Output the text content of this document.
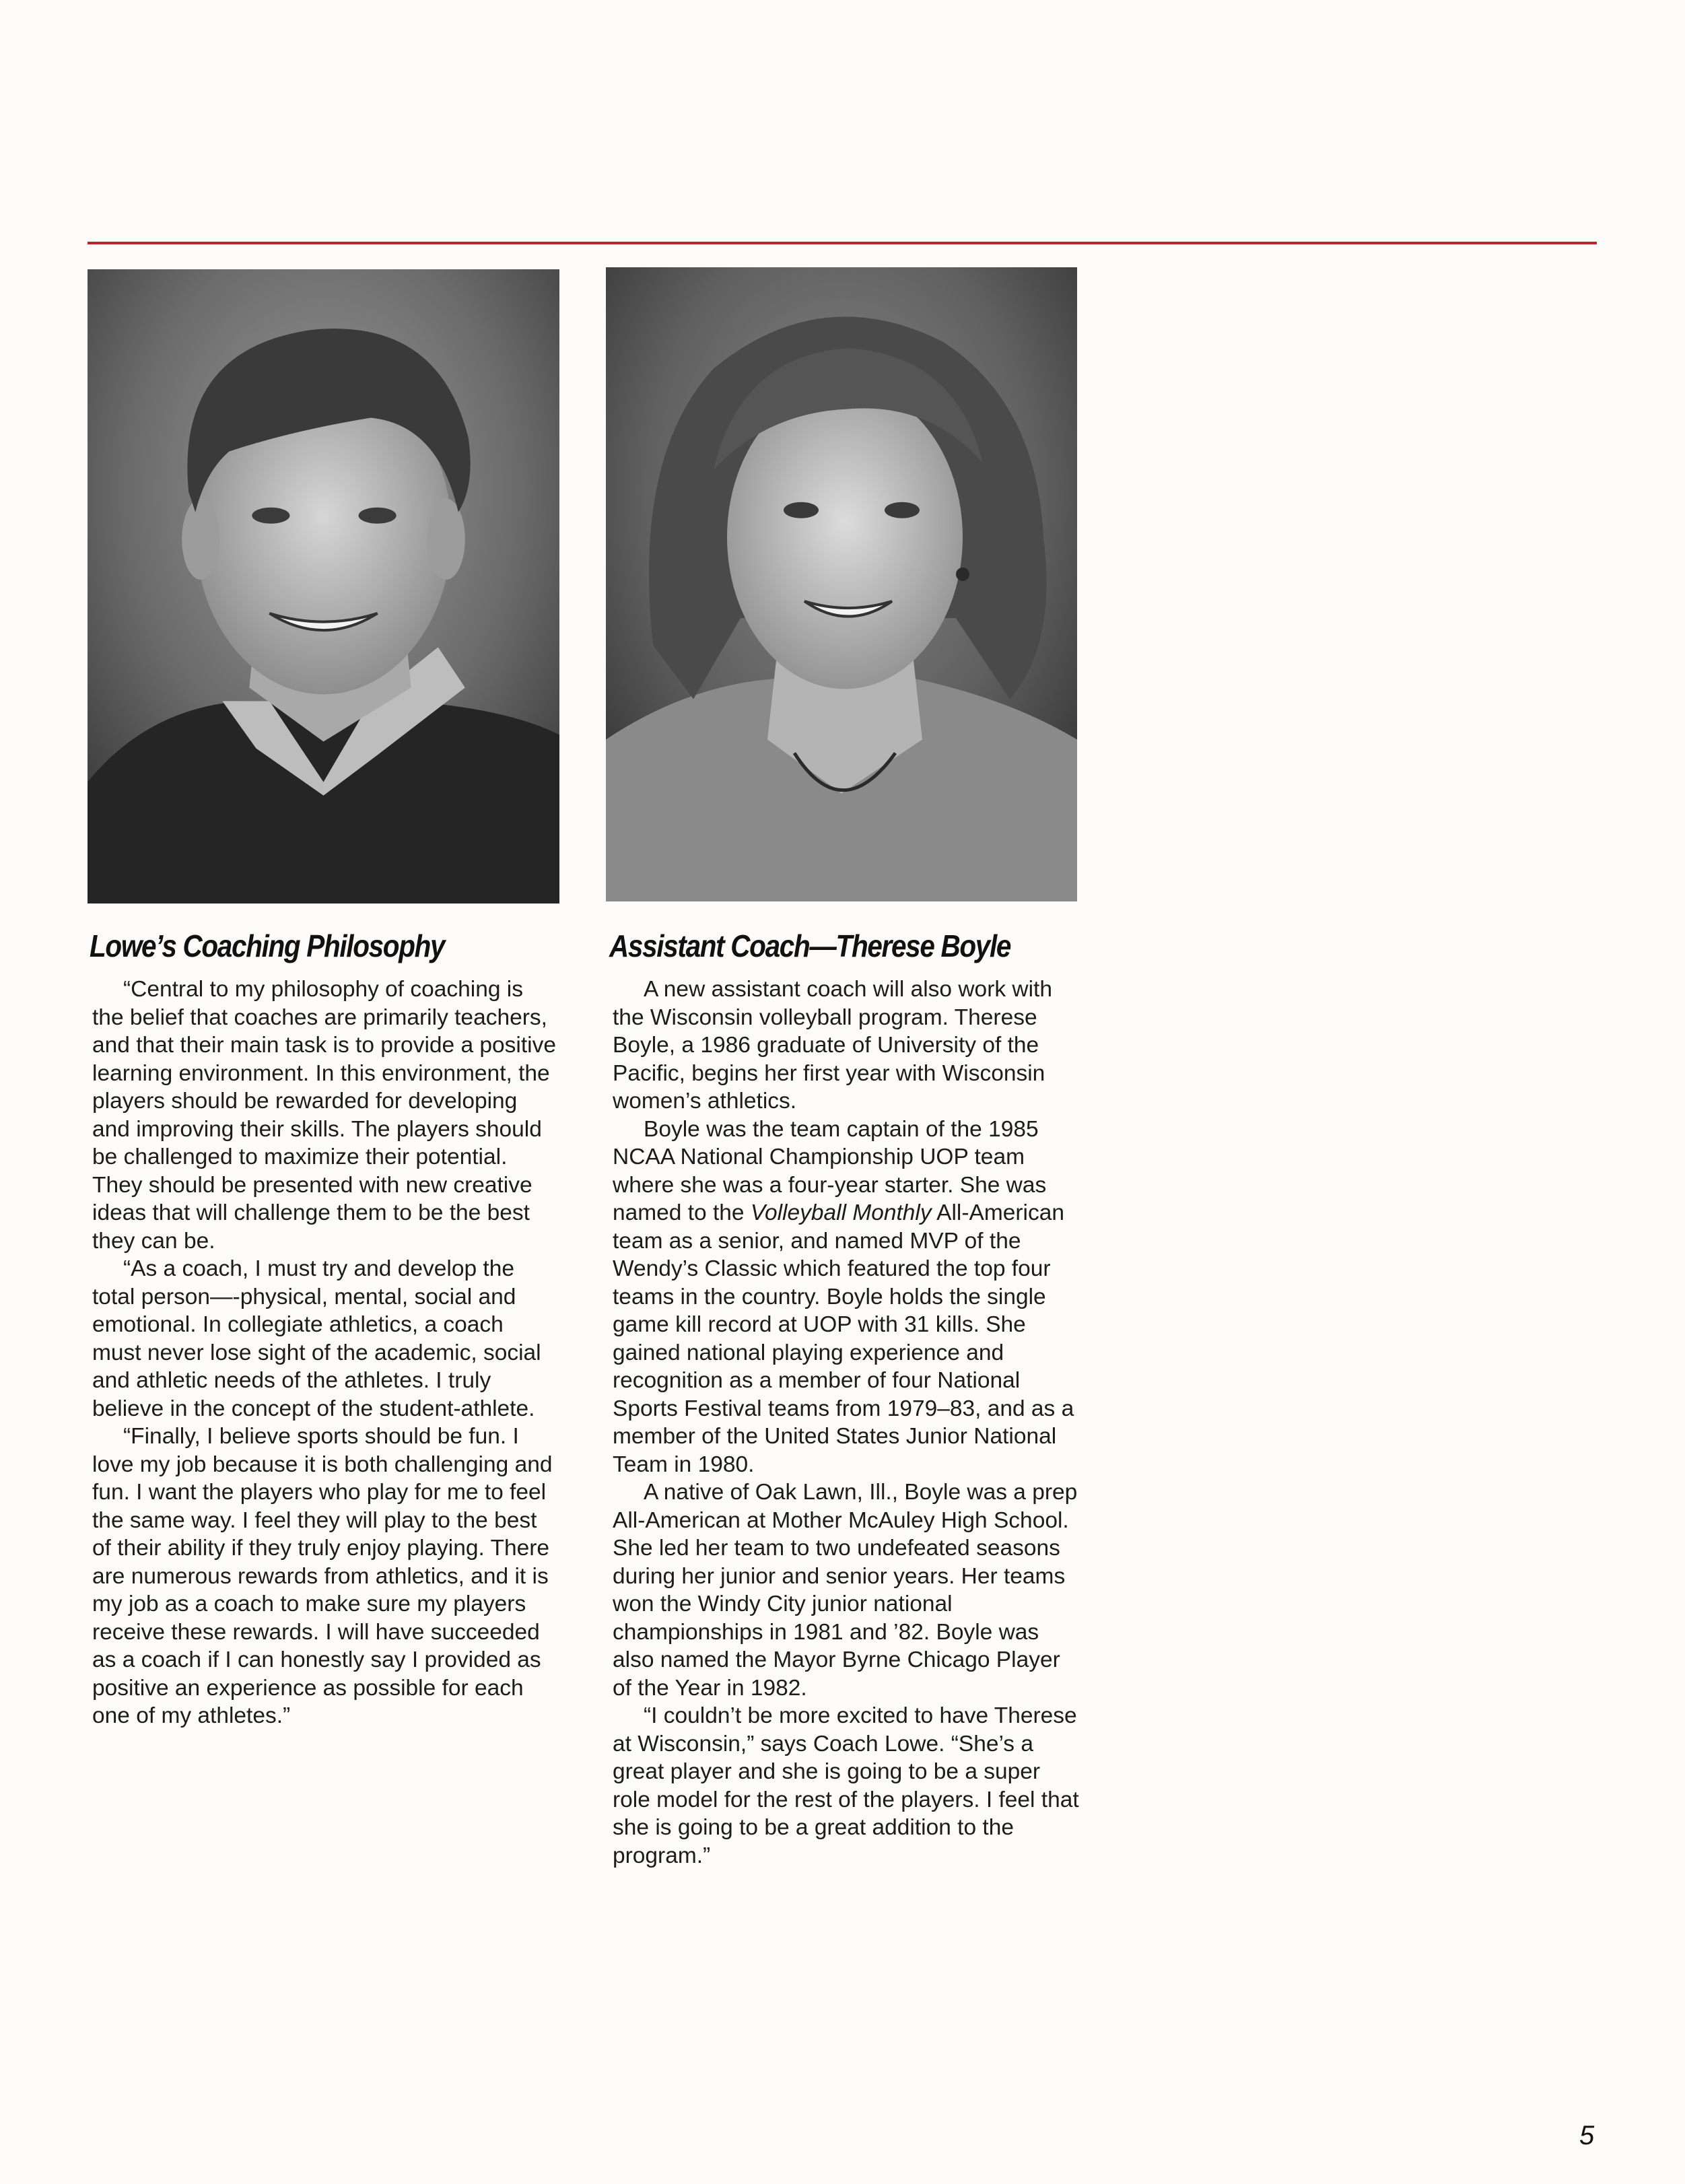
Lowe’s Coaching Philosophy	Assistant Coach—Therese Boyle

“Central to my philosophy of coaching is the belief that coaches are primarily teachers, and that their main task is to provide a positive learning environment. In this environment, the players should be rewarded for developing and improving their skills. The players should be challenged to maximize their potential. They should be presented with new creative ideas that will challenge them to be the best they can be.

“As a coach, I must try and develop the total person—-physical, mental, social and emotional. In collegiate athletics, a coach must never lose sight of the academic, social and athletic needs of the athletes. I truly believe in the concept of the student-athlete.

“Finally, I believe sports should be fun. I love my job because it is both challenging and fun. I want the players who play for me to feel the same way. I feel they will play to the best of their ability if they truly enjoy playing. There are numerous rewards from athletics, and it is my job as a coach to make sure my players receive these rewards. I will have succeeded as a coach if I can honestly say I provided as positive an experience as possible for each one of my athletes.”

A new assistant coach will also work with the Wisconsin volleyball program. Therese Boyle, a 1986 graduate of University of the Pacific, begins her first year with Wisconsin women’s athletics.

Boyle was the team captain of the 1985 NCAA National Championship UOP team where she was a four-year starter. She was named to the Volleyball Monthly All-American team as a senior, and named MVP of the Wendy’s Classic which featured the top four teams in the country. Boyle holds the single game kill record at UOP with 31 kills. She gained national playing experience and recognition as a member of four National Sports Festival teams from 1979–83, and as a member of the United States Junior National Team in 1980.

A native of Oak Lawn, Ill., Boyle was a prep All-American at Mother McAuley High School. She led her team to two undefeated seasons during her junior and senior years. Her teams won the Windy City junior national championships in 1981 and ’82. Boyle was also named the Mayor Byrne Chicago Player of the Year in 1982.

“I couldn’t be more excited to have Therese at Wisconsin,” says Coach Lowe. “She’s a great player and she is going to be a super role model for the rest of the players. I feel that she is going to be a great addition to the program.”

5
